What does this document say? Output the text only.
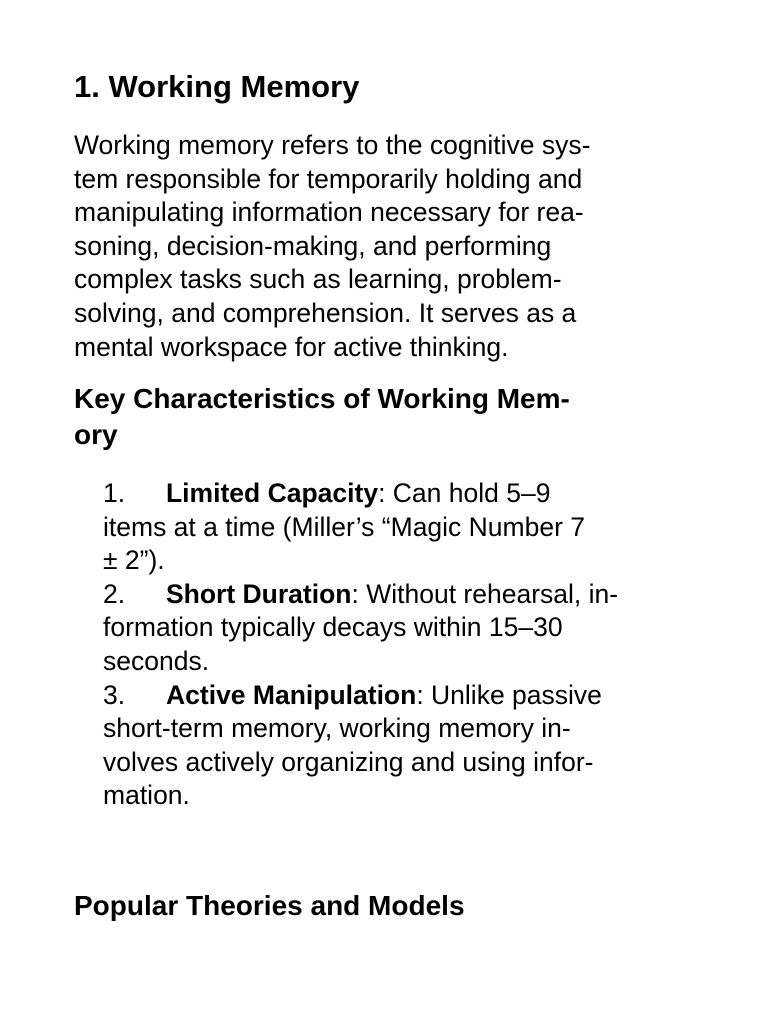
1. Working Memory

Working memory refers to the cognitive sys-
tem responsible for temporarily holding and
manipulating information necessary for rea-
soning, decision-making, and performing
complex tasks such as learning, problem-
solving, and comprehension. It serves as a
mental workspace for active thinking.

Key Characteristics of Working Mem-
ory
1. Limited Capacity: Can hold 5–9
items at a time (Miller’s “Magic Number 7
± 2”).
2. Short Duration: Without rehearsal, in-
formation typically decays within 15–30
seconds.
3. Active Manipulation: Unlike passive
short-term memory, working memory in-
volves actively organizing and using infor-
mation.
Popular Theories and Models
